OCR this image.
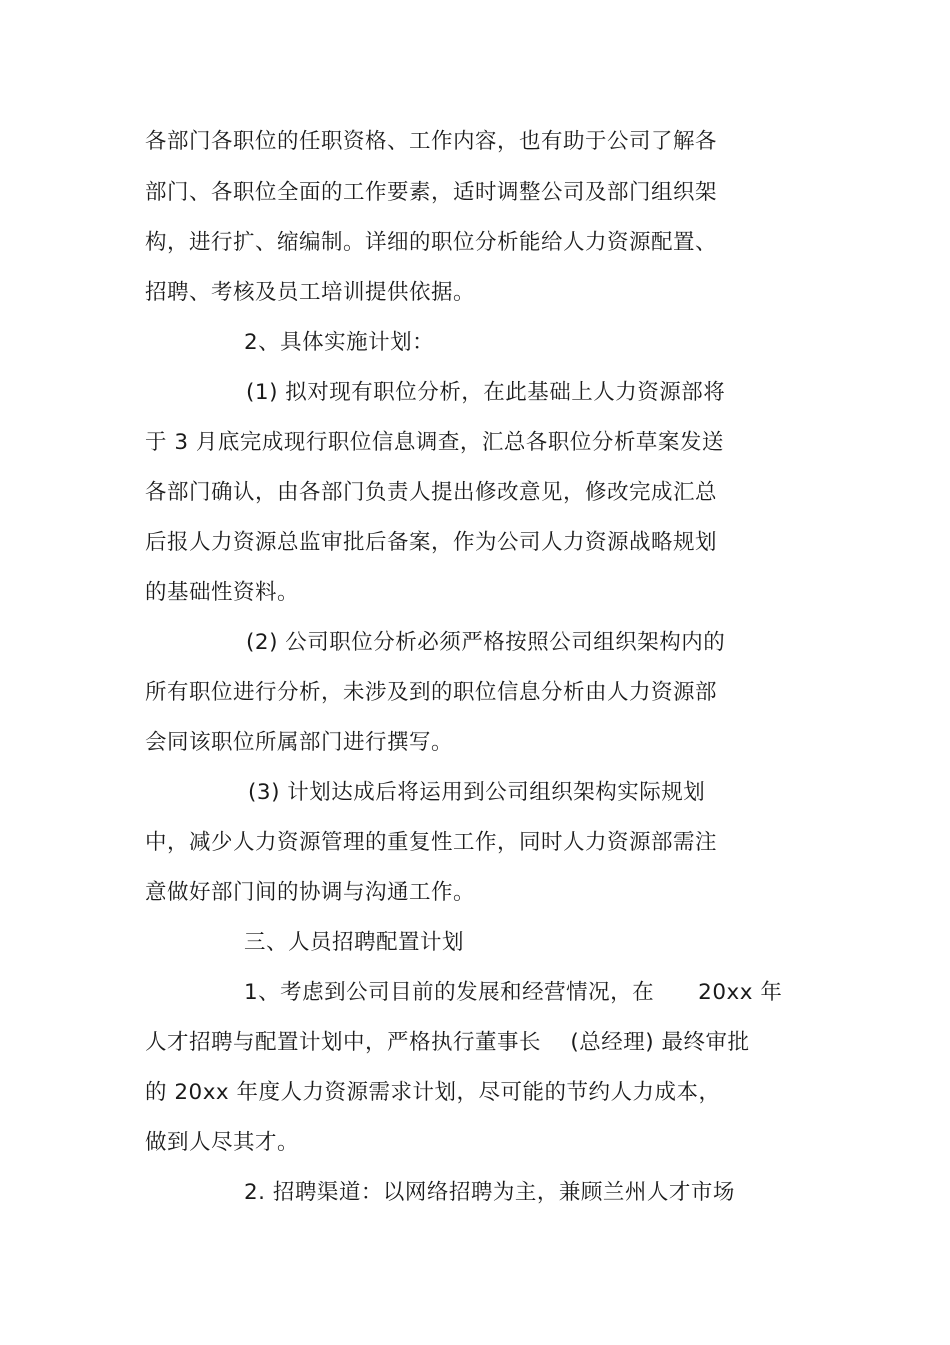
各部门各职位的任职资格、工作内容，也有助于公司了解各
部门、各职位全面的工作要素，适时调整公司及部门组织架
构，进行扩、缩编制。详细的职位分析能给人力资源配置、
招聘、考核及员工培训提供依据。
2、具体实施计划：
(1) 拟对现有职位分析，在此基础上人力资源部将
于 3 月底完成现行职位信息调查，汇总各职位分析草案发送
各部门确认，由各部门负责人提出修改意见，修改完成汇总
后报人力资源总监审批后备案，作为公司人力资源战略规划
的基础性资料。
(2) 公司职位分析必须严格按照公司组织架构内的
所有职位进行分析，未涉及到的职位信息分析由人力资源部
会同该职位所属部门进行撰写。
(3) 计划达成后将运用到公司组织架构实际规划
中，减少人力资源管理的重复性工作，同时人力资源部需注
意做好部门间的协调与沟通工作。
三、人员招聘配置计划
1、考虑到公司目前的发展和经营情况，在　　20xx 年
人才招聘与配置计划中，严格执行董事长　 (总经理) 最终审批
的 20xx 年度人力资源需求计划，尽可能的节约人力成本，
做到人尽其才。
2. 招聘渠道：以网络招聘为主，兼顾兰州人才市场
